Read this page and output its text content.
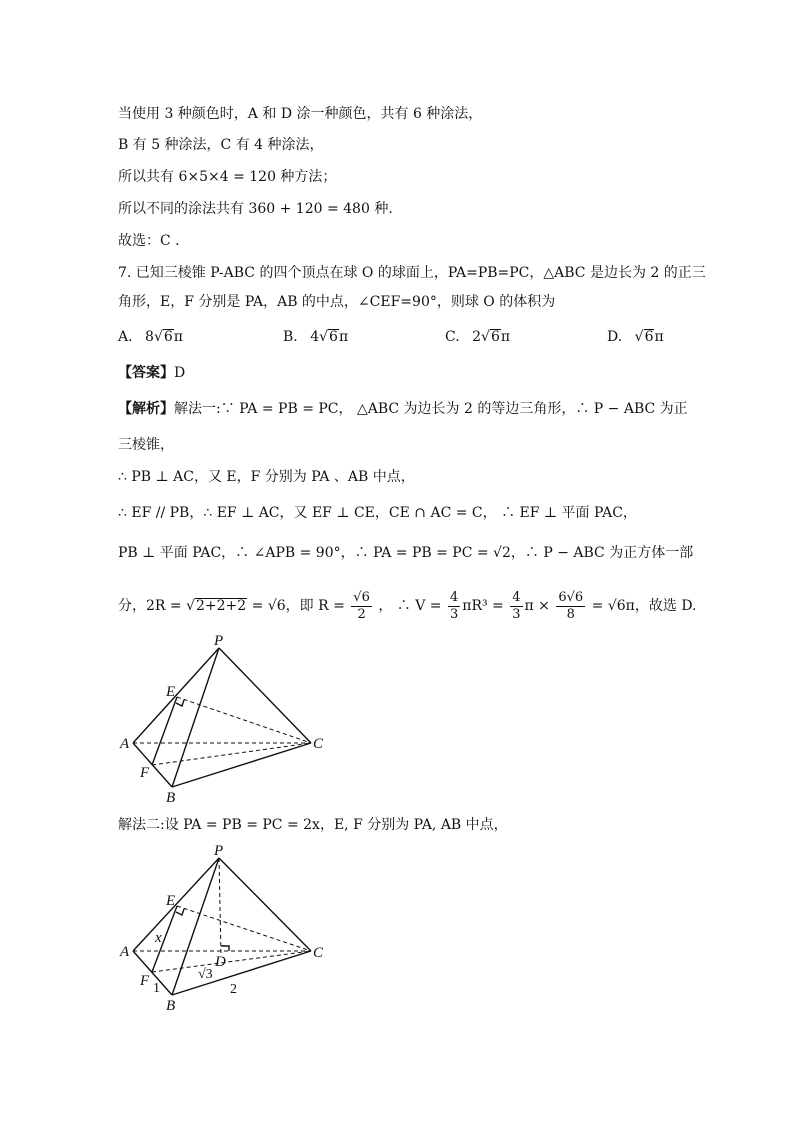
当使用 3 种颜色时，A 和 D 涂一种颜色，共有 6 种涂法，
B 有 5 种涂法，C 有 4 种涂法，
所以共有 6×5×4 = 120 种方法；
所以不同的涂法共有 360 + 120 = 480 种.
故选：C .
7. 已知三棱锥 P-ABC 的四个顶点在球 O 的球面上，PA=PB=PC，△ABC 是边长为 2 的正三
角形，E，F 分别是 PA，AB 的中点，∠CEF=90°，则球 O 的体积为
A. 8√6π	B. 4√6π	C. 2√6π	D. √6π
【答案】D
【解析】解法一:∵ PA = PB = PC， △ABC 为边长为 2 的等边三角形，∴ P − ABC 为正
三棱锥，
∴ PB ⊥ AC，又 E，F 分别为 PA 、AB 中点，
∴ EF // PB，∴ EF ⊥ AC，又 EF ⊥ CE，CE ∩ AC = C， ∴ EF ⊥ 平面 PAC，
PB ⊥ 平面 PAC，∴ ∠APB = 90°，∴ PA = PB = PC = √2，∴ P − ABC 为正方体一部
分，2R = √2+2+2 = √6，即 $R = \frac{√6}{2}$ ， ∴ $V = \frac{4}{3} \pi R^3 = \frac{4}{3}$ $\pi \times \frac{6√6}{8} = √6\pi$，故选 D.
P
E
A
F
B
C
解法二:设 PA = PB = PC = 2x，E, F 分别为 PA, AB 中点，
P
E
A
F
B
C
D
x
1	2
√3
